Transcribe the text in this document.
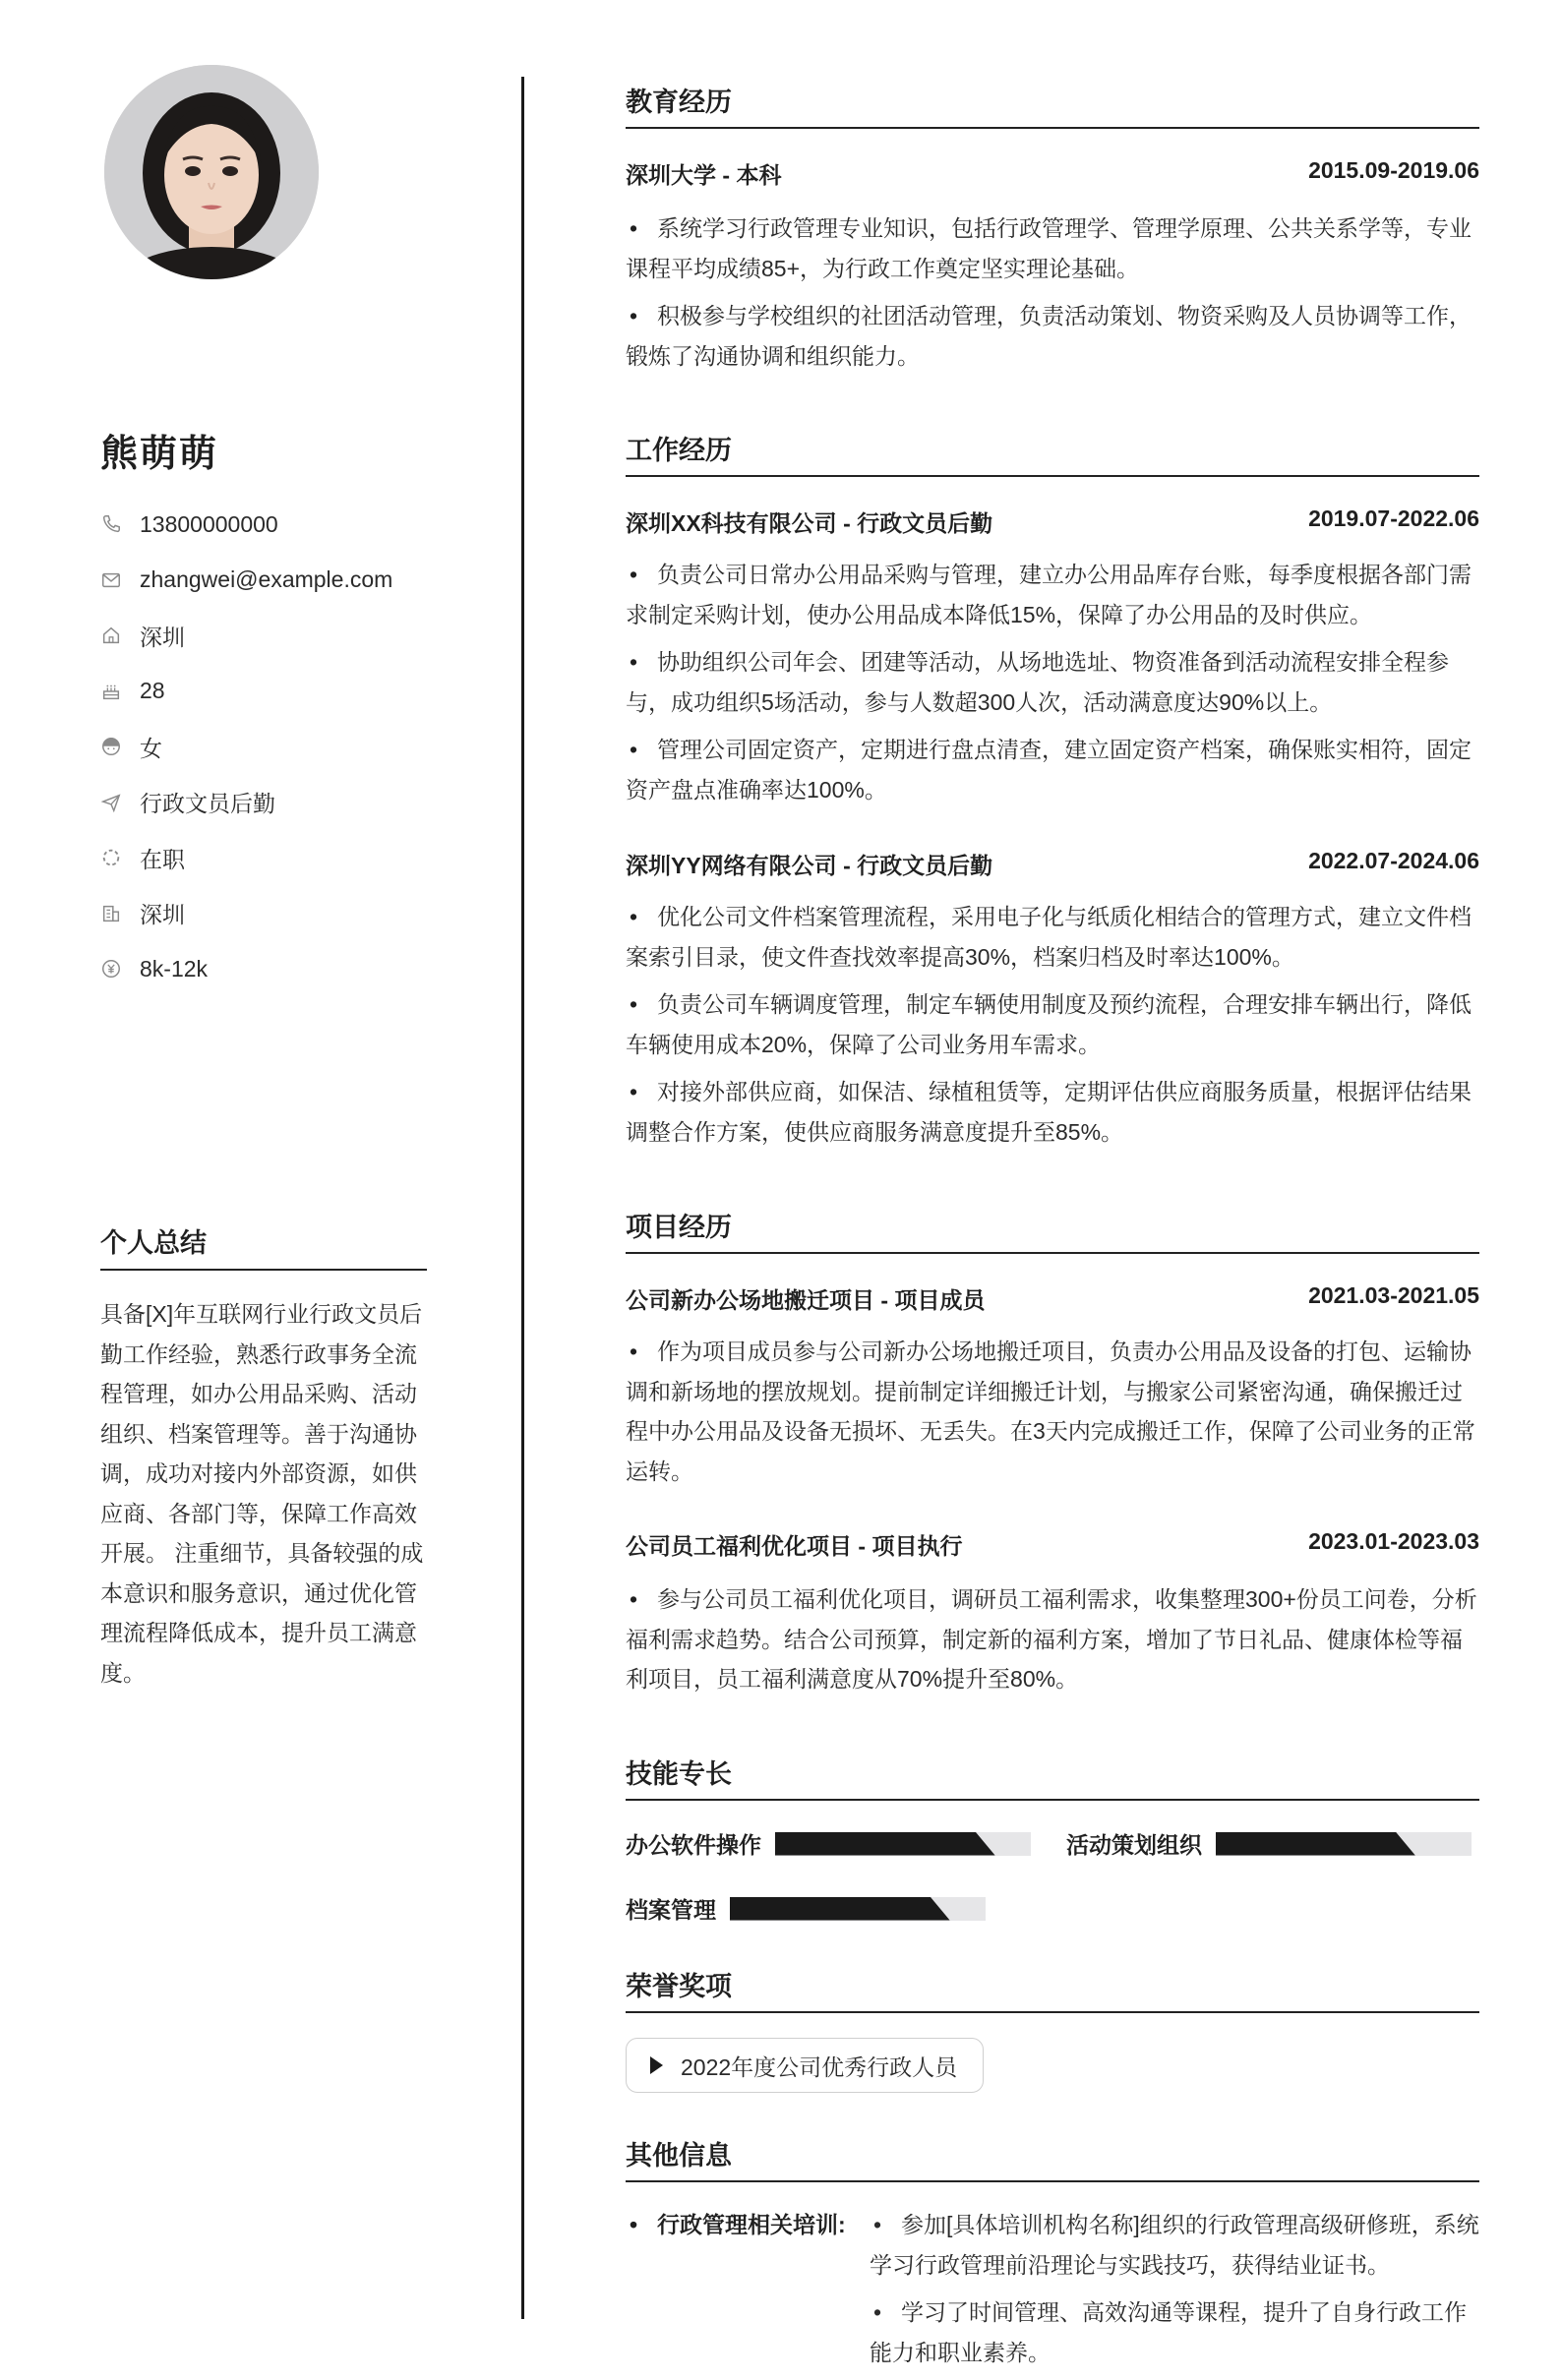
熊萌萌
13800000000
zhangwei@example.com
深圳
28
女
行政文员后勤
在职
深圳
8k-12k
个人总结

具备[X]年互联网行业行政文员后勤工作经验，熟悉行政事务全流程管理，如办公用品采购、活动组织、档案管理等。善于沟通协调，成功对接内外部资源，如供应商、各部门等，保障工作高效开展。 注重细节，具备较强的成本意识和服务意识，通过优化管理流程降低成本，提升员工满意度。

教育经历
深圳大学 - 本科	2015.09-2019.06
• 系统学习行政管理专业知识，包括行政管理学、管理学原理、公共关系学等，专业课程平均成绩85+，为行政工作奠定坚实理论基础。
• 积极参与学校组织的社团活动管理，负责活动策划、物资采购及人员协调等工作，锻炼了沟通协调和组织能力。
工作经历
深圳XX科技有限公司 - 行政文员后勤	2019.07-2022.06
• 负责公司日常办公用品采购与管理，建立办公用品库存台账，每季度根据各部门需求制定采购计划，使办公用品成本降低15%，保障了办公用品的及时供应。
• 协助组织公司年会、团建等活动，从场地选址、物资准备到活动流程安排全程参与，成功组织5场活动，参与人数超300人次，活动满意度达90%以上。
• 管理公司固定资产，定期进行盘点清查，建立固定资产档案，确保账实相符，固定资产盘点准确率达100%。
深圳YY网络有限公司 - 行政文员后勤	2022.07-2024.06
• 优化公司文件档案管理流程，采用电子化与纸质化相结合的管理方式，建立文件档案索引目录，使文件查找效率提高30%，档案归档及时率达100%。
• 负责公司车辆调度管理，制定车辆使用制度及预约流程，合理安排车辆出行，降低车辆使用成本20%，保障了公司业务用车需求。
• 对接外部供应商，如保洁、绿植租赁等，定期评估供应商服务质量，根据评估结果调整合作方案，使供应商服务满意度提升至85%。
项目经历
公司新办公场地搬迁项目 - 项目成员	2021.03-2021.05
• 作为项目成员参与公司新办公场地搬迁项目，负责办公用品及设备的打包、运输协调和新场地的摆放规划。提前制定详细搬迁计划，与搬家公司紧密沟通，确保搬迁过程中办公用品及设备无损坏、无丢失。在3天内完成搬迁工作，保障了公司业务的正常运转。
公司员工福利优化项目 - 项目执行	2023.01-2023.03
• 参与公司员工福利优化项目，调研员工福利需求，收集整理300+份员工问卷，分析福利需求趋势。结合公司预算，制定新的福利方案，增加了节日礼品、健康体检等福利项目，员工福利满意度从70%提升至80%。
技能专长
办公软件操作	活动策划组织
档案管理
荣誉奖项
2022年度公司优秀行政人员
其他信息
• 行政管理相关培训:
•	参加[具体培训机构名称]组织的行政管理高级研修班，系统学习行政管理前沿理论与实践技巧，获得结业证书。
• 学习了时间管理、高效沟通等课程，提升了自身行政工作能力和职业素养。
